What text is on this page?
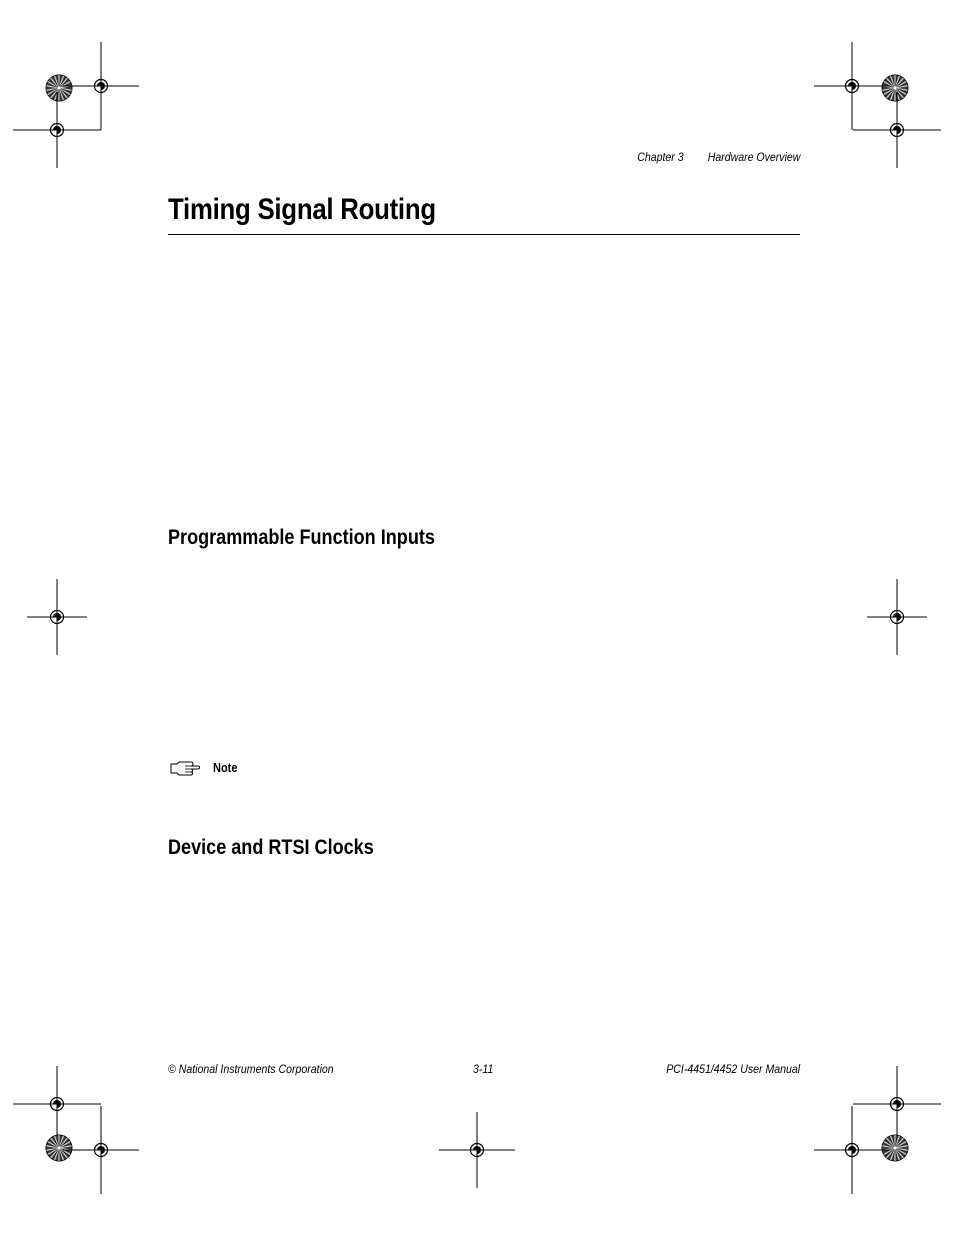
Chapter 3 Hardware Overview
Timing Signal Routing
Programmable Function Inputs
Note
Device and RTSI Clocks
© National Instruments Corporation	3-11	PCI-4451/4452 User Manual
